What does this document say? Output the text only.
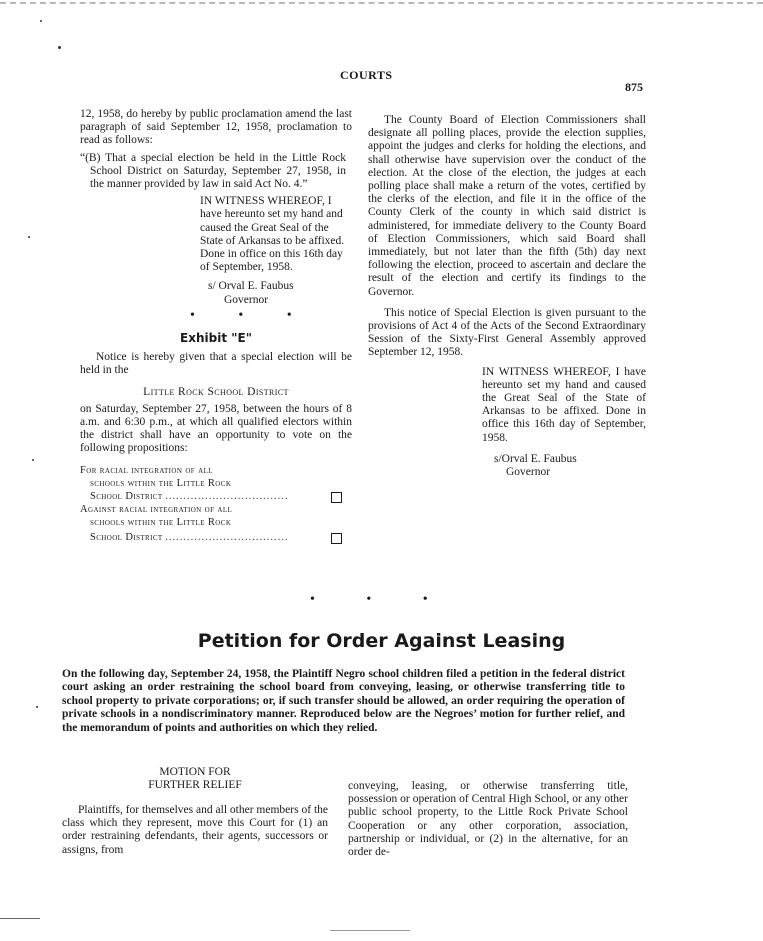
COURTS
875

12, 1958, do hereby by public proclamation amend the last paragraph of said September 12, 1958, proclamation to read as follows:

“(B) That a special election be held in the Little Rock School District on Saturday, September 27, 1958, in the manner provided by law in said Act No. 4.”

IN WITNESS WHEREOF, I have hereunto set my hand and caused the Great Seal of the State of Arkansas to be affixed. Done in office on this 16th day of September, 1958.

s/ Orval E. Faubus

Governor

• • •

Exhibit "E"

Notice is hereby given that a special election will be held in the

Little Rock School District

on Saturday, September 27, 1958, between the hours of 8 a.m. and 6:30 p.m., at which all qualified electors within the district shall have an opportunity to vote on the following propositions:

For racial integration of all
schools within the Little Rock
School District ..................................
Against racial integration of all
schools within the Little Rock
School District ..................................

The County Board of Election Commissioners shall designate all polling places, provide the election supplies, appoint the judges and clerks for holding the elections, and shall otherwise have supervision over the conduct of the election. At the close of the election, the judges at each polling place shall make a return of the votes, certified by the clerks of the election, and file it in the office of the County Clerk of the county in which said district is administered, for immediate delivery to the County Board of Election Commissioners, which said Board shall immediately, but not later than the fifth (5th) day next following the election, proceed to ascertain and declare the result of the election and certify its findings to the Governor.

This notice of Special Election is given pursuant to the provisions of Act 4 of the Acts of the Second Extraordinary Session of the Sixty-First General Assembly approved September 12, 1958.

IN WITNESS WHEREOF, I have hereunto set my hand and caused the Great Seal of the State of Arkansas to be affixed. Done in office this 16th day of September, 1958.

s/Orval E. Faubus

Governor

• • •
Petition for Order Against Leasing

On the following day, September 24, 1958, the Plaintiff Negro school children filed a petition in the federal district court asking an order restraining the school board from conveying, leasing, or otherwise transferring title to school property to private corporations; or, if such transfer should be allowed, an order requiring the operation of private schools in a nondiscriminatory manner. Reproduced below are the Negroes’ motion for further relief, and the memorandum of points and authorities on which they relied.

MOTION FOR
FURTHER RELIEF

Plaintiffs, for themselves and all other members of the class which they represent, move this Court for (1) an order restraining defendants, their agents, successors or assigns, from

conveying, leasing, or otherwise transferring title, possession or operation of Central High School, or any other public school property, to the Little Rock Private School Cooperation or any other corporation, association, partnership or individual, or (2) in the alternative, for an order de-
